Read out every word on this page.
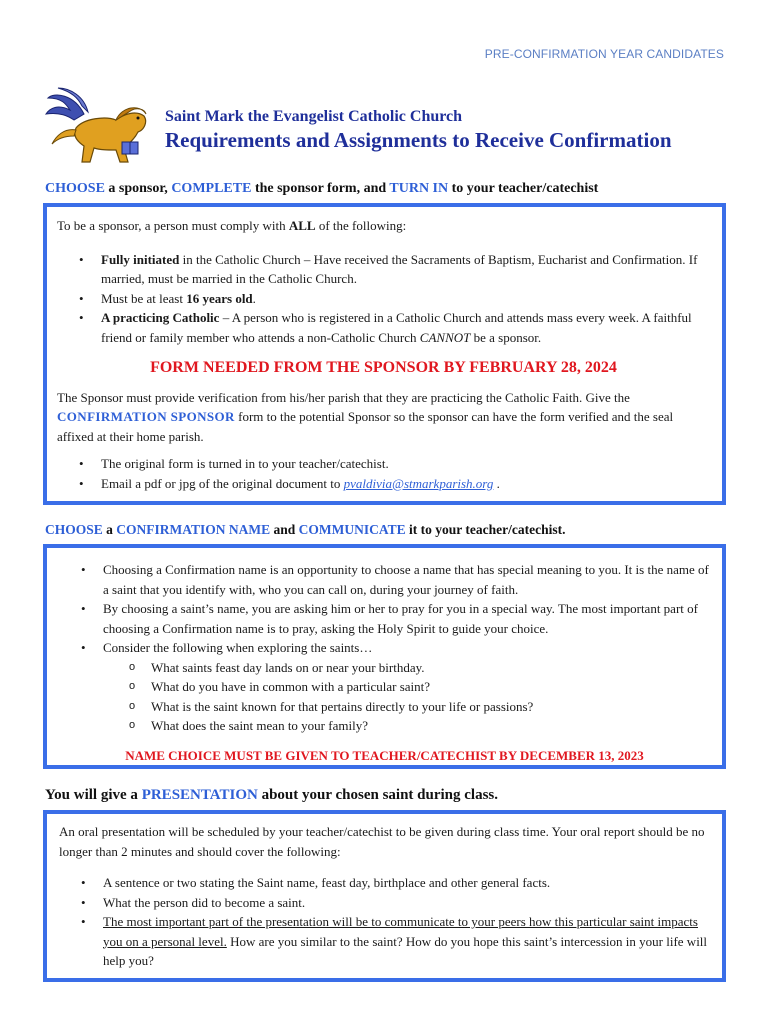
PRE-CONFIRMATION YEAR CANDIDATES
Saint Mark the Evangelist Catholic Church
Requirements and Assignments to Receive Confirmation
CHOOSE a sponsor, COMPLETE the sponsor form, and TURN IN to your teacher/catechist

To be a sponsor, a person must comply with ALL of the following:

• Fully initiated in the Catholic Church – Have received the Sacraments of Baptism, Eucharist and Confirmation. If married, must be married in the Catholic Church.
• Must be at least 16 years old.
• A practicing Catholic – A person who is registered in a Catholic Church and attends mass every week. A faithful friend or family member who attends a non-Catholic Church CANNOT be a sponsor.

FORM NEEDED FROM THE SPONSOR BY FEBRUARY 28, 2024

The Sponsor must provide verification from his/her parish that they are practicing the Catholic Faith. Give the CONFIRMATION SPONSOR form to the potential Sponsor so the sponsor can have the form verified and the seal affixed at their home parish.

• The original form is turned in to your teacher/catechist.
• Email a pdf or jpg of the original document to pvaldivia@stmarkparish.org .
CHOOSE a CONFIRMATION NAME and COMMUNICATE it to your teacher/catechist.
• Choosing a Confirmation name is an opportunity to choose a name that has special meaning to you. It is the name of a saint that you identify with, who you can call on, during your journey of faith.
• By choosing a saint’s name, you are asking him or her to pray for you in a special way. The most important part of choosing a Confirmation name is to pray, asking the Holy Spirit to guide your choice.
• Consider the following when exploring the saints…
o What saints feast day lands on or near your birthday.
o What do you have in common with a particular saint?
o What is the saint known for that pertains directly to your life or passions?
o What does the saint mean to your family?

NAME CHOICE MUST BE GIVEN TO TEACHER/CATECHIST BY DECEMBER 13, 2023

You will give a PRESENTATION about your chosen saint during class.

An oral presentation will be scheduled by your teacher/catechist to be given during class time. Your oral report should be no longer than 2 minutes and should cover the following:

• A sentence or two stating the Saint name, feast day, birthplace and other general facts.
• What the person did to become a saint.
• The most important part of the presentation will be to communicate to your peers how this particular saint impacts you on a personal level. How are you similar to the saint? How do you hope this saint’s intercession in your life will help you?
